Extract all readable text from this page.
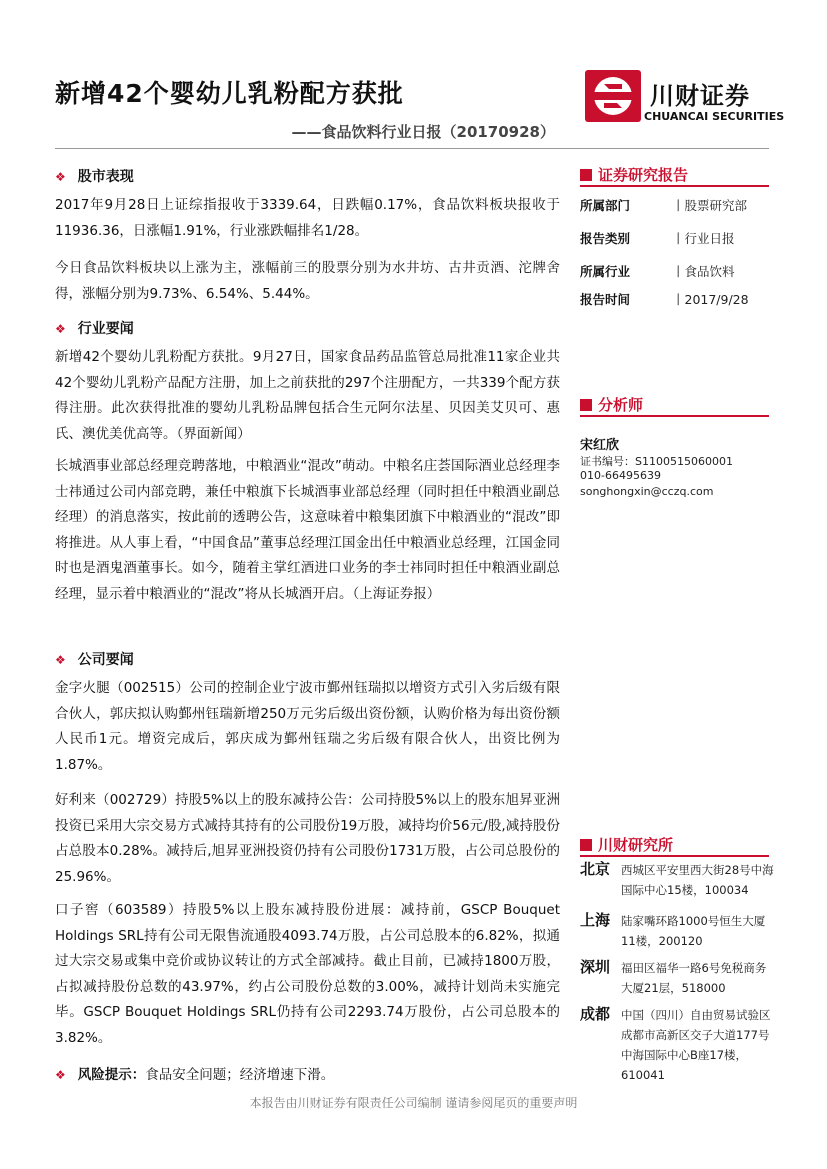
新增42个婴幼儿乳粉配方获批
——食品饮料行业日报（20170928）
川财证券
CHUANCAI SECURITIES
❖ 股市表现

2017年9月28日上证综指报收于3339.64，日跌幅0.17%，食品饮料板块报收于11936.36，日涨幅1.91%，行业涨跌幅排名1/28。

今日食品饮料板块以上涨为主，涨幅前三的股票分别为水井坊、古井贡酒、沱牌舍得，涨幅分别为9.73%、6.54%、5.44%。

❖ 行业要闻

新增42个婴幼儿乳粉配方获批。9月27日，国家食品药品监管总局批准11家企业共42个婴幼儿乳粉产品配方注册，加上之前获批的297个注册配方，一共339个配方获得注册。此次获得批准的婴幼儿乳粉品牌包括合生元阿尔法星、贝因美艾贝可、惠氏、澳优美优高等。（界面新闻）

长城酒事业部总经理竞聘落地，中粮酒业“混改”萌动。中粮名庄荟国际酒业总经理李士祎通过公司内部竞聘，兼任中粮旗下长城酒事业部总经理（同时担任中粮酒业副总经理）的消息落实，按此前的透聘公告，这意味着中粮集团旗下中粮酒业的“混改”即将推进。从人事上看，“中国食品”董事总经理江国金出任中粮酒业总经理，江国金同时也是酒鬼酒董事长。如今，随着主掌红酒进口业务的李士祎同时担任中粮酒业副总经理，显示着中粮酒业的“混改”将从长城酒开启。（上海证券报）

❖ 公司要闻

金字火腿（002515）公司的控制企业宁波市鄞州钰瑞拟以增资方式引入劣后级有限合伙人，郭庆拟认购鄞州钰瑞新增250万元劣后级出资份额，认购价格为每出资份额人民币1元。增资完成后，郭庆成为鄞州钰瑞之劣后级有限合伙人，出资比例为1.87%。

好利来（002729）持股5%以上的股东减持公告：公司持股5%以上的股东旭昇亚洲投资已采用大宗交易方式减持其持有的公司股份19万股，减持均价56元/股,减持股份占总股本0.28%。减持后,旭昇亚洲投资仍持有公司股份1731万股，占公司总股份的25.96%。

口子窖（603589）持股5%以上股东减持股份进展：减持前，GSCP Bouquet Holdings SRL持有公司无限售流通股4093.74万股，占公司总股本的6.82%，拟通过大宗交易或集中竞价或协议转让的方式全部减持。截止目前，已减持1800万股，占拟减持股份总数的43.97%，约占公司股份总数的3.00%，减持计划尚未实施完毕。GSCP Bouquet Holdings SRL仍持有公司2293.74万股份，占公司总股本的3.82%。

❖ 风险提示：食品安全问题；经济增速下滑。
证券研究报告
所属部门	丨股票研究部
报告类别	丨行业日报
所属行业	丨食品饮料
报告时间	丨2017/9/28
分析师
宋红欣
证书编号：S1100515060001
010-66495639
songhongxin@cczq.com
川财研究所
北京 西城区平安里西大街28号中海国际中心15楼，100034

上海 陆家嘴环路1000号恒生大厦11楼，200120

深圳 福田区福华一路6号免税商务大厦21层，518000

成都 中国（四川）自由贸易试验区成都市高新区交子大道177号中海国际中心B座17楼，610041

本报告由川财证券有限责任公司编制 谨请参阅尾页的重要声明
